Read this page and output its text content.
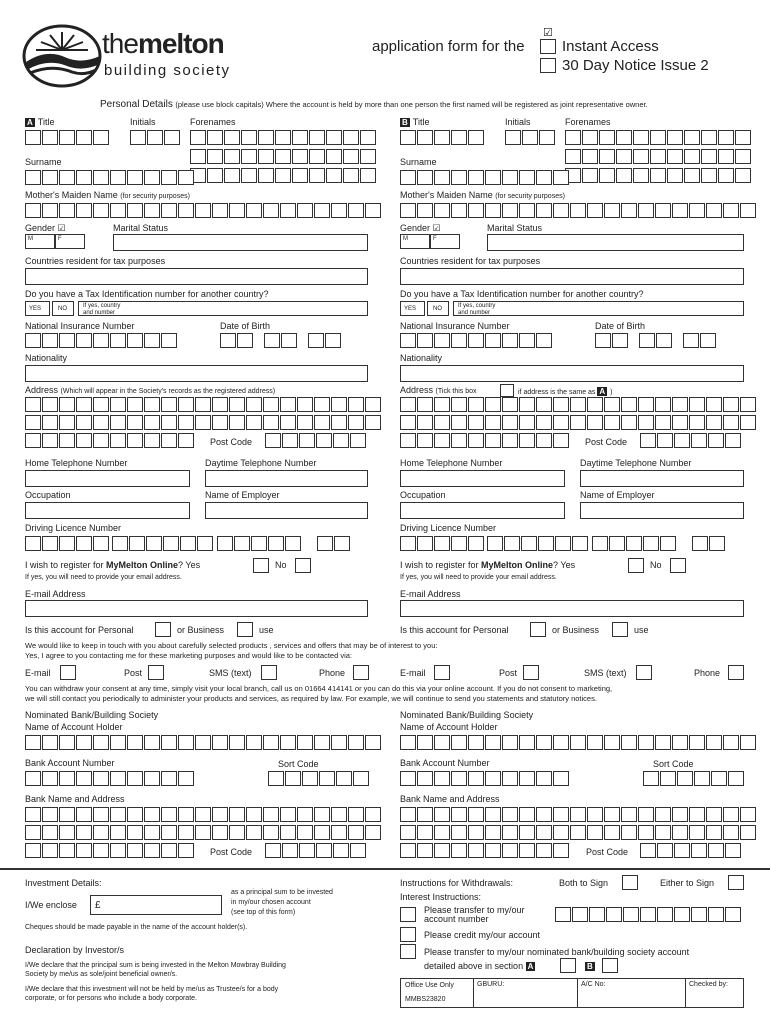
themelton
building society
application form for the
☑
Instant Access
30 Day Notice Issue 2
Personal Details (please use block capitals) Where the account is held by more than one person the first named will be registered as joint representative owner.
A Title	Initials	Forenames
Surname
Mother's Maiden Name (for security purposes)
Gender ☑
M	F
Marital Status
Countries resident for tax purposes
Do you have a Tax Identification number for another country?
YES	NO	If yes, country and number
National Insurance Number	Date of Birth
Nationality
Address (Which will appear in the Society's records as the registered address)
Post Code
Home Telephone Number	Daytime Telephone Number
Occupation	Name of Employer
Driving Licence Number
I wish to register for MyMelton Online? Yes	No
If yes, you will need to provide your email address.
E-mail Address
Is this account for Personal	or Business	use
B Title	Initials	Forenames
Surname
Mother's Maiden Name (for security purposes)
Gender ☑
M	F
Marital Status
Countries resident for tax purposes
Do you have a Tax Identification number for another country?
YES	NO	If yes, country and number
National Insurance Number	Date of Birth
Nationality
Address (Tick this box	if address is the same as A )
Post Code
Home Telephone Number	Daytime Telephone Number
Occupation	Name of Employer
Driving Licence Number
I wish to register for MyMelton Online? Yes	No
If yes, you will need to provide your email address.
E-mail Address
Is this account for Personal	or Business	use
We would like to keep in touch with you about carefully selected products , services and offers that may be of interest to you:
Yes, I agree to you contacting me for these marketing purposes and would like to be contacted via:
E-mail	Post	SMS (text)	Phone	E-mail	Post	SMS (text)	Phone
You can withdraw your consent at any time, simply visit your local branch, call us on 01664 414141 or you can do this via your online account. If you do not consent to marketing,
we will still contact you periodically to administer your products and services, as required by law. For example, we will continue to send you statements and statutory notices.
Nominated Bank/Building Society
Name of Account Holder
Bank Account Number	Sort Code
Bank Name and Address
Post Code
Nominated Bank/Building Society
Name of Account Holder
Bank Account Number	Sort Code
Bank Name and Address
Post Code
Investment Details:
I/We enclose £
as a principal sum to be invested
in my/our chosen account
(see top of this form)
Cheques should be made payable in the name of the account holder(s).
Declaration by Investor/s
I/We declare that the principal sum is being invested in the Melton Mowbray Building
Society by me/us as sole/joint beneficial owner/s.
I/We declare that this investment will not be held by me/us as Trustee/s for a body
corporate, or for persons who include a body corporate.
Instructions for Withdrawals:	Both to Sign	Either to Sign
Interest Instructions:
Please transfer to my/our
account number
Please credit my/our account
Please transfer to my/our nominated bank/building society account
detailed above in section A	B
Office Use Only
MMBS23820
GBURU:	A/C No:	Checked by:
